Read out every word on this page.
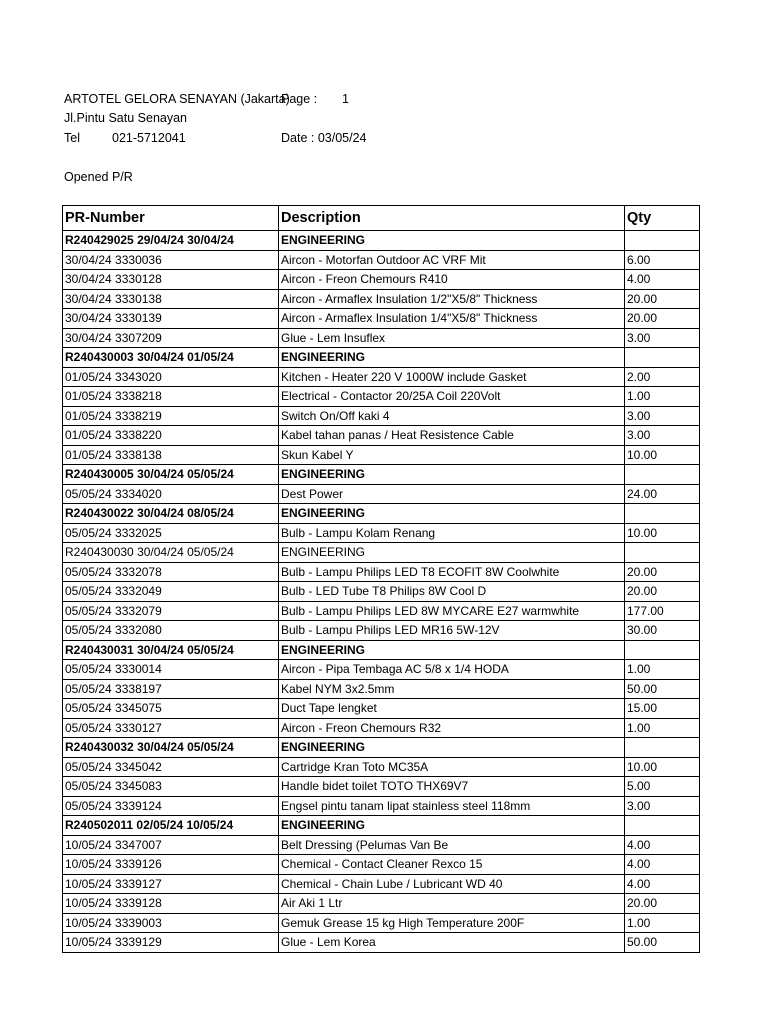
ARTOTEL GELORA SENAYAN (Jakarta)
Page : 1
Jl.Pintu Satu Senayan
Tel	021-5712041	Date : 03/05/24
Opened P/R
PR-Number	Description	Qty
R240429025 29/04/24 30/04/24	ENGINEERING	
30/04/24 3330036	Aircon - Motorfan Outdoor AC VRF Mit	6.00
30/04/24 3330128	Aircon - Freon Chemours R410	4.00
30/04/24 3330138	Aircon - Armaflex Insulation 1/2"X5/8" Thickness	20.00
30/04/24 3330139	Aircon - Armaflex Insulation 1/4"X5/8" Thickness	20.00
30/04/24 3307209	Glue - Lem Insuflex	3.00
R240430003 30/04/24 01/05/24	ENGINEERING	
01/05/24 3343020	Kitchen - Heater 220 V 1000W include Gasket	2.00
01/05/24 3338218	Electrical - Contactor 20/25A Coil 220Volt	1.00
01/05/24 3338219	Switch On/Off kaki 4	3.00
01/05/24 3338220	Kabel tahan panas / Heat Resistence Cable	3.00
01/05/24 3338138	Skun Kabel Y	10.00
R240430005 30/04/24 05/05/24	ENGINEERING	
05/05/24 3334020	Dest Power	24.00
R240430022 30/04/24 08/05/24	ENGINEERING	
05/05/24 3332025	Bulb - Lampu Kolam Renang	10.00
R240430030 30/04/24 05/05/24	ENGINEERING	
05/05/24 3332078	Bulb - Lampu Philips LED T8 ECOFIT 8W Coolwhite	20.00
05/05/24 3332049	Bulb - LED Tube T8 Philips 8W Cool D	20.00
05/05/24 3332079	Bulb - Lampu Philips LED 8W MYCARE E27 warmwhite	177.00
05/05/24 3332080	Bulb - Lampu Philips LED MR16 5W-12V	30.00
R240430031 30/04/24 05/05/24	ENGINEERING	
05/05/24 3330014	Aircon - Pipa Tembaga AC 5/8 x 1/4 HODA	1.00
05/05/24 3338197	Kabel NYM 3x2.5mm	50.00
05/05/24 3345075	Duct Tape lengket	15.00
05/05/24 3330127	Aircon - Freon Chemours R32	1.00
R240430032 30/04/24 05/05/24	ENGINEERING	
05/05/24 3345042	Cartridge Kran Toto MC35A	10.00
05/05/24 3345083	Handle bidet toilet TOTO THX69V7	5.00
05/05/24 3339124	Engsel pintu tanam lipat stainless steel 118mm	3.00
R240502011 02/05/24 10/05/24	ENGINEERING	
10/05/24 3347007	Belt Dressing (Pelumas Van Be	4.00
10/05/24 3339126	Chemical - Contact Cleaner Rexco 15	4.00
10/05/24 3339127	Chemical - Chain Lube / Lubricant WD 40	4.00
10/05/24 3339128	Air Aki 1 Ltr	20.00
10/05/24 3339003	Gemuk Grease 15 kg High Temperature 200F	1.00
10/05/24 3339129	Glue - Lem Korea	50.00
